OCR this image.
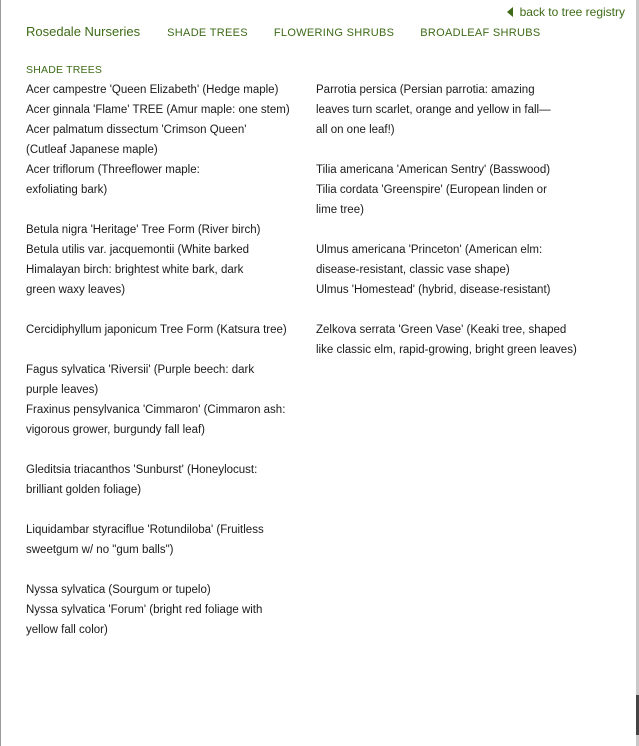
back to tree registry
Rosedale Nurseries SHADE TREES FLOWERING SHRUBS BROADLEAF SHRUBS
SHADE TREES
Acer campestre 'Queen Elizabeth' (Hedge maple)
Acer ginnala 'Flame' TREE (Amur maple: one stem)
Acer palmatum dissectum 'Crimson Queen'
(Cutleaf Japanese maple)
Acer triflorum (Threeflower maple:
exfoliating bark)
Betula nigra 'Heritage' Tree Form (River birch)
Betula utilis var. jacquemontii (White barked
Himalayan birch: brightest white bark, dark
green waxy leaves)
Cercidiphyllum japonicum Tree Form (Katsura tree)
Fagus sylvatica 'Riversii' (Purple beech: dark
purple leaves)
Fraxinus pensylvanica 'Cimmaron' (Cimmaron ash:
vigorous grower, burgundy fall leaf)
Gleditsia triacanthos 'Sunburst' (Honeylocust:
brilliant golden foliage)
Liquidambar styraciflue 'Rotundiloba' (Fruitless
sweetgum w/ no "gum balls")
Nyssa sylvatica (Sourgum or tupelo)
Nyssa sylvatica 'Forum' (bright red foliage with
yellow fall color)
Parrotia persica (Persian parrotia: amazing
leaves turn scarlet, orange and yellow in fall—
all on one leaf!)
Tilia americana 'American Sentry' (Basswood)
Tilia cordata 'Greenspire' (European linden or
lime tree)
Ulmus americana 'Princeton' (American elm:
disease-resistant, classic vase shape)
Ulmus 'Homestead' (hybrid, disease-resistant)
Zelkova serrata 'Green Vase' (Keaki tree, shaped
like classic elm, rapid-growing, bright green leaves)
